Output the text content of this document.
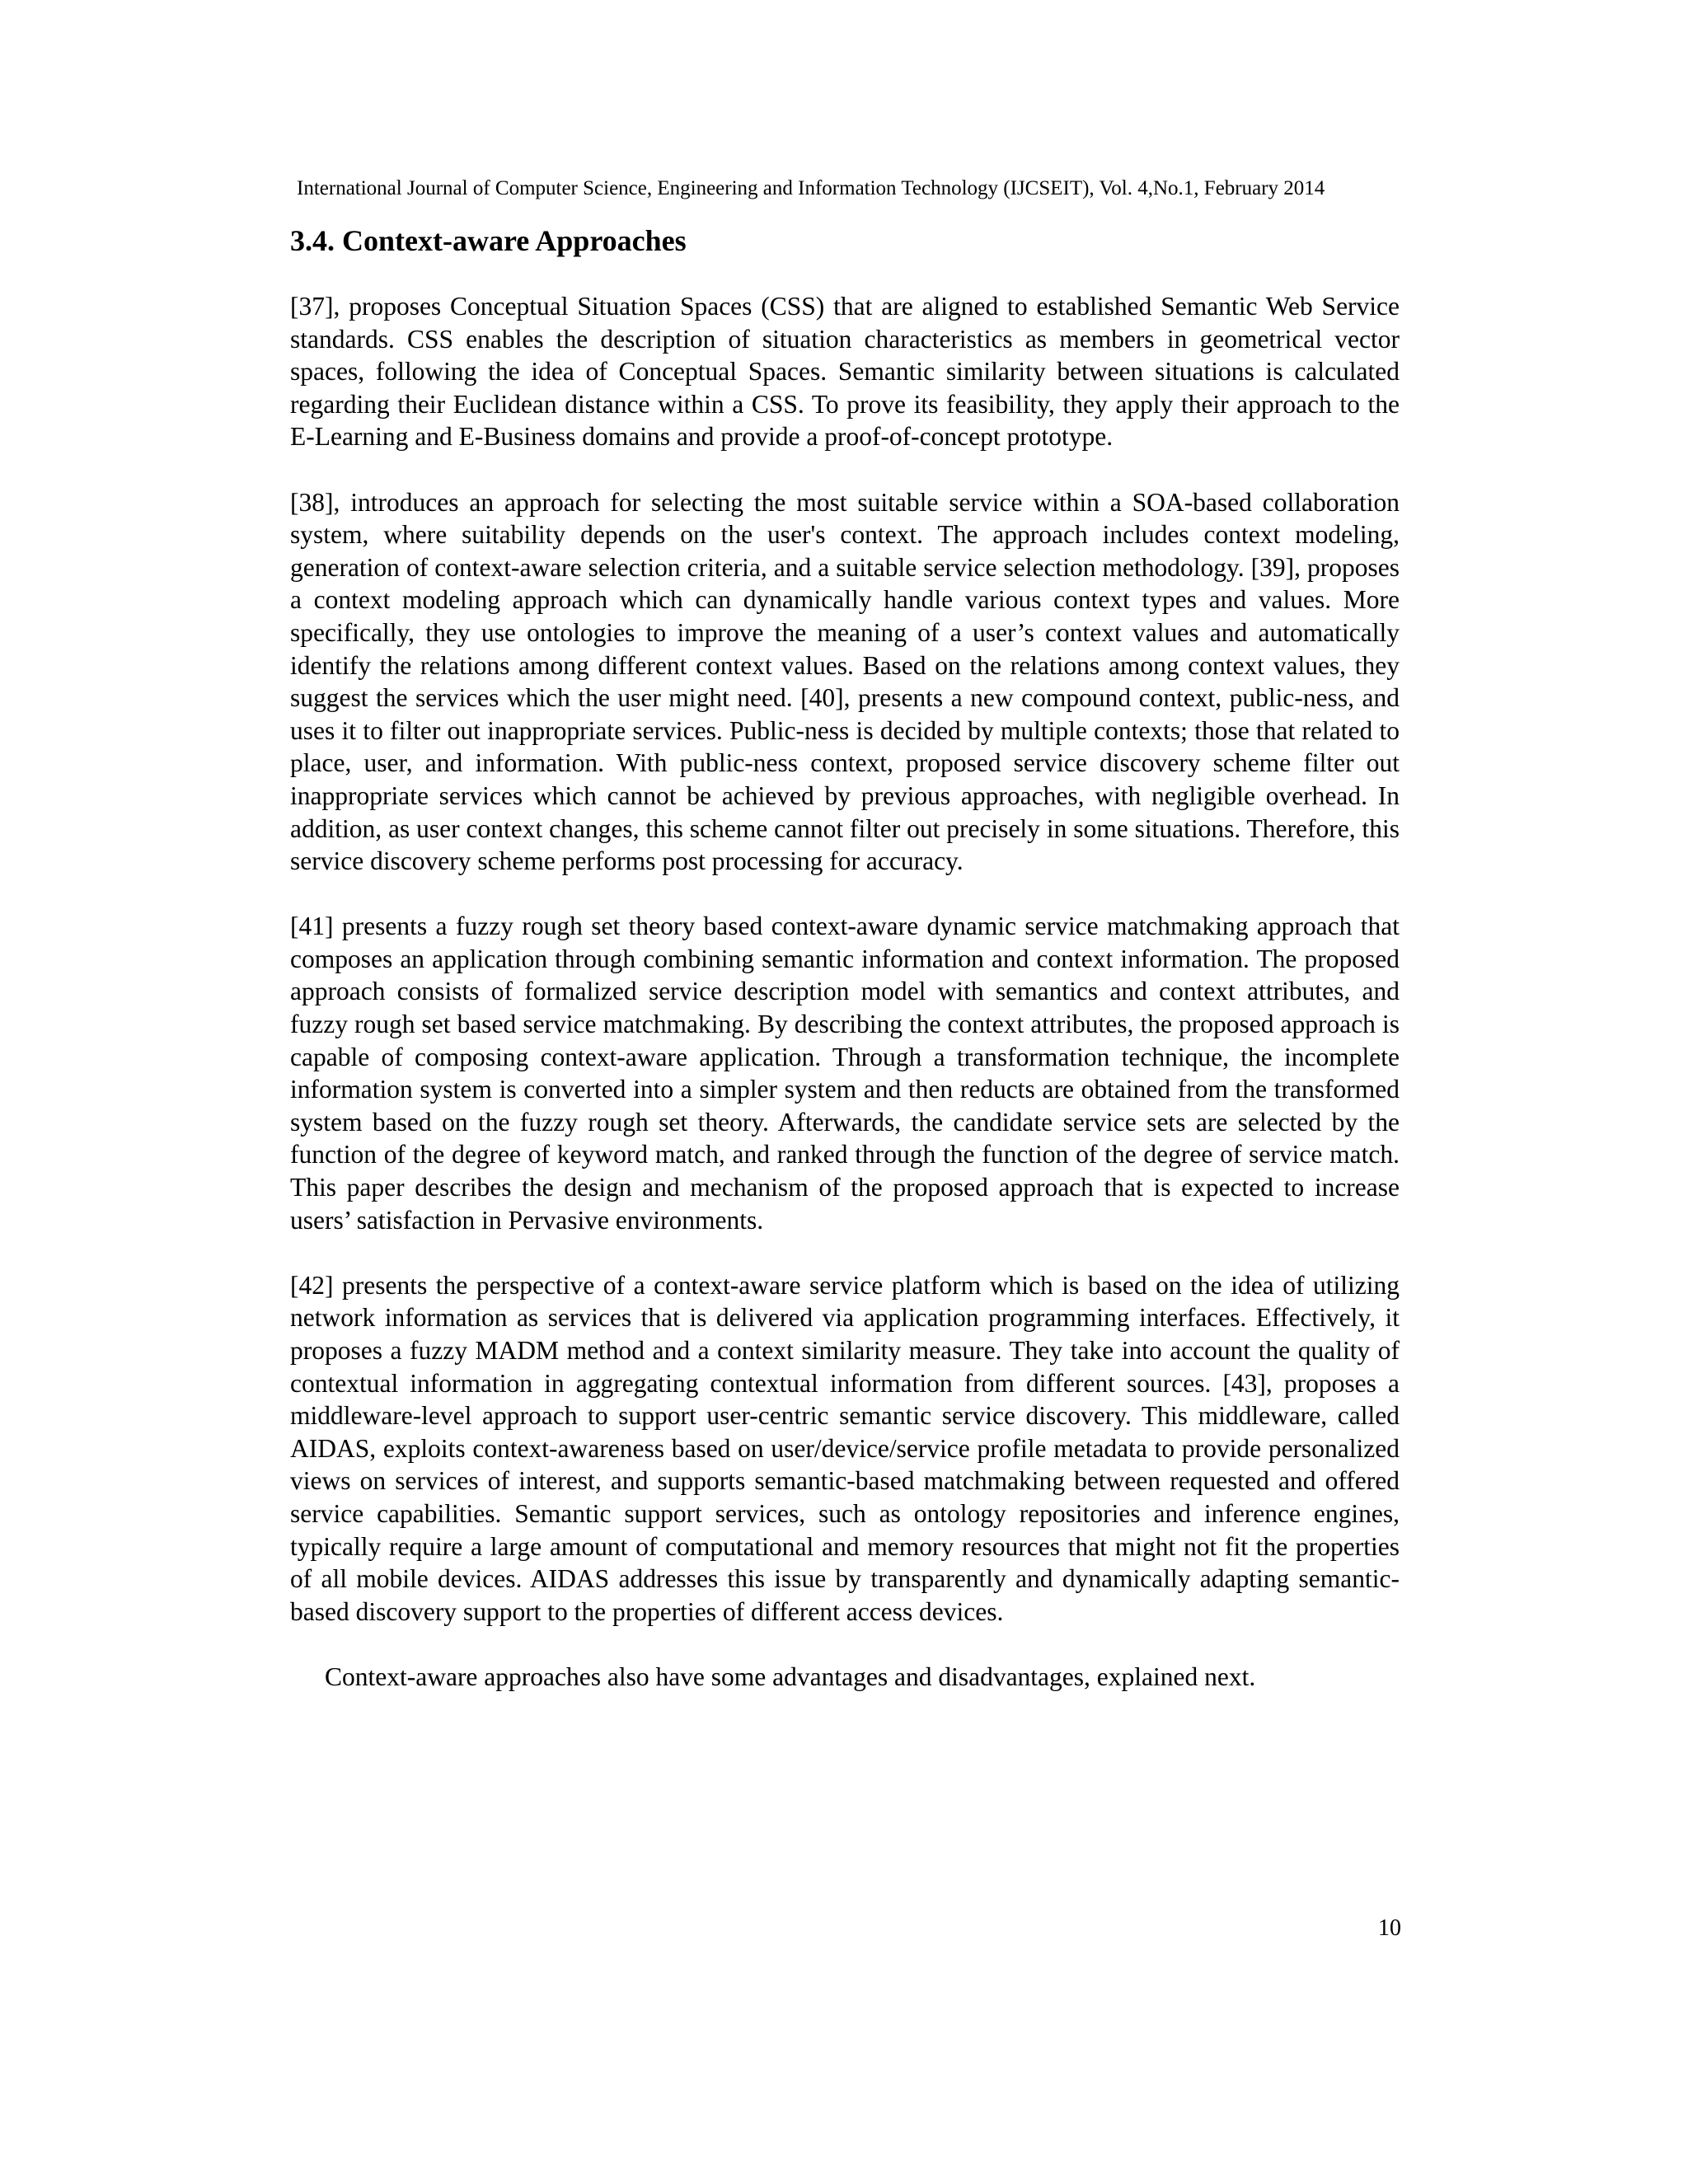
International Journal of Computer Science, Engineering and Information Technology (IJCSEIT), Vol. 4,No.1, February 2014
3.4. Context-aware Approaches

[37], proposes Conceptual Situation Spaces (CSS) that are aligned to established Semantic Web Service standards. CSS enables the description of situation characteristics as members in geometrical vector spaces, following the idea of Conceptual Spaces. Semantic similarity between situations is calculated regarding their Euclidean distance within a CSS. To prove its feasibility, they apply their approach to the E-Learning and E-Business domains and provide a proof-of-concept prototype.

[38], introduces an approach for selecting the most suitable service within a SOA-based collaboration system, where suitability depends on the user's context. The approach includes context modeling, generation of context-aware selection criteria, and a suitable service selection methodology. [39], proposes a context modeling approach which can dynamically handle various context types and values. More specifically, they use ontologies to improve the meaning of a user’s context values and automatically identify the relations among different context values. Based on the relations among context values, they suggest the services which the user might need. [40], presents a new compound context, public-ness, and uses it to filter out inappropriate services. Public-ness is decided by multiple contexts; those that related to place, user, and information. With public-ness context, proposed service discovery scheme filter out inappropriate services which cannot be achieved by previous approaches, with negligible overhead. In addition, as user context changes, this scheme cannot filter out precisely in some situations. Therefore, this service discovery scheme performs post processing for accuracy.

[41] presents a fuzzy rough set theory based context-aware dynamic service matchmaking approach that composes an application through combining semantic information and context information. The proposed approach consists of formalized service description model with semantics and context attributes, and fuzzy rough set based service matchmaking. By describing the context attributes, the proposed approach is capable of composing context-aware application. Through a transformation technique, the incomplete information system is converted into a simpler system and then reducts are obtained from the transformed system based on the fuzzy rough set theory. Afterwards, the candidate service sets are selected by the function of the degree of keyword match, and ranked through the function of the degree of service match. This paper describes the design and mechanism of the proposed approach that is expected to increase users’ satisfaction in Pervasive environments.

[42] presents the perspective of a context-aware service platform which is based on the idea of utilizing network information as services that is delivered via application programming interfaces. Effectively, it proposes a fuzzy MADM method and a context similarity measure. They take into account the quality of contextual information in aggregating contextual information from different sources. [43], proposes a middleware-level approach to support user-centric semantic service discovery. This middleware, called AIDAS, exploits context-awareness based on user/device/service profile metadata to provide personalized views on services of interest, and supports semantic-based matchmaking between requested and offered service capabilities. Semantic support services, such as ontology repositories and inference engines, typically require a large amount of computational and memory resources that might not fit the properties of all mobile devices. AIDAS addresses this issue by transparently and dynamically adapting semantic-based discovery support to the properties of different access devices.

Context-aware approaches also have some advantages and disadvantages, explained next.

10
